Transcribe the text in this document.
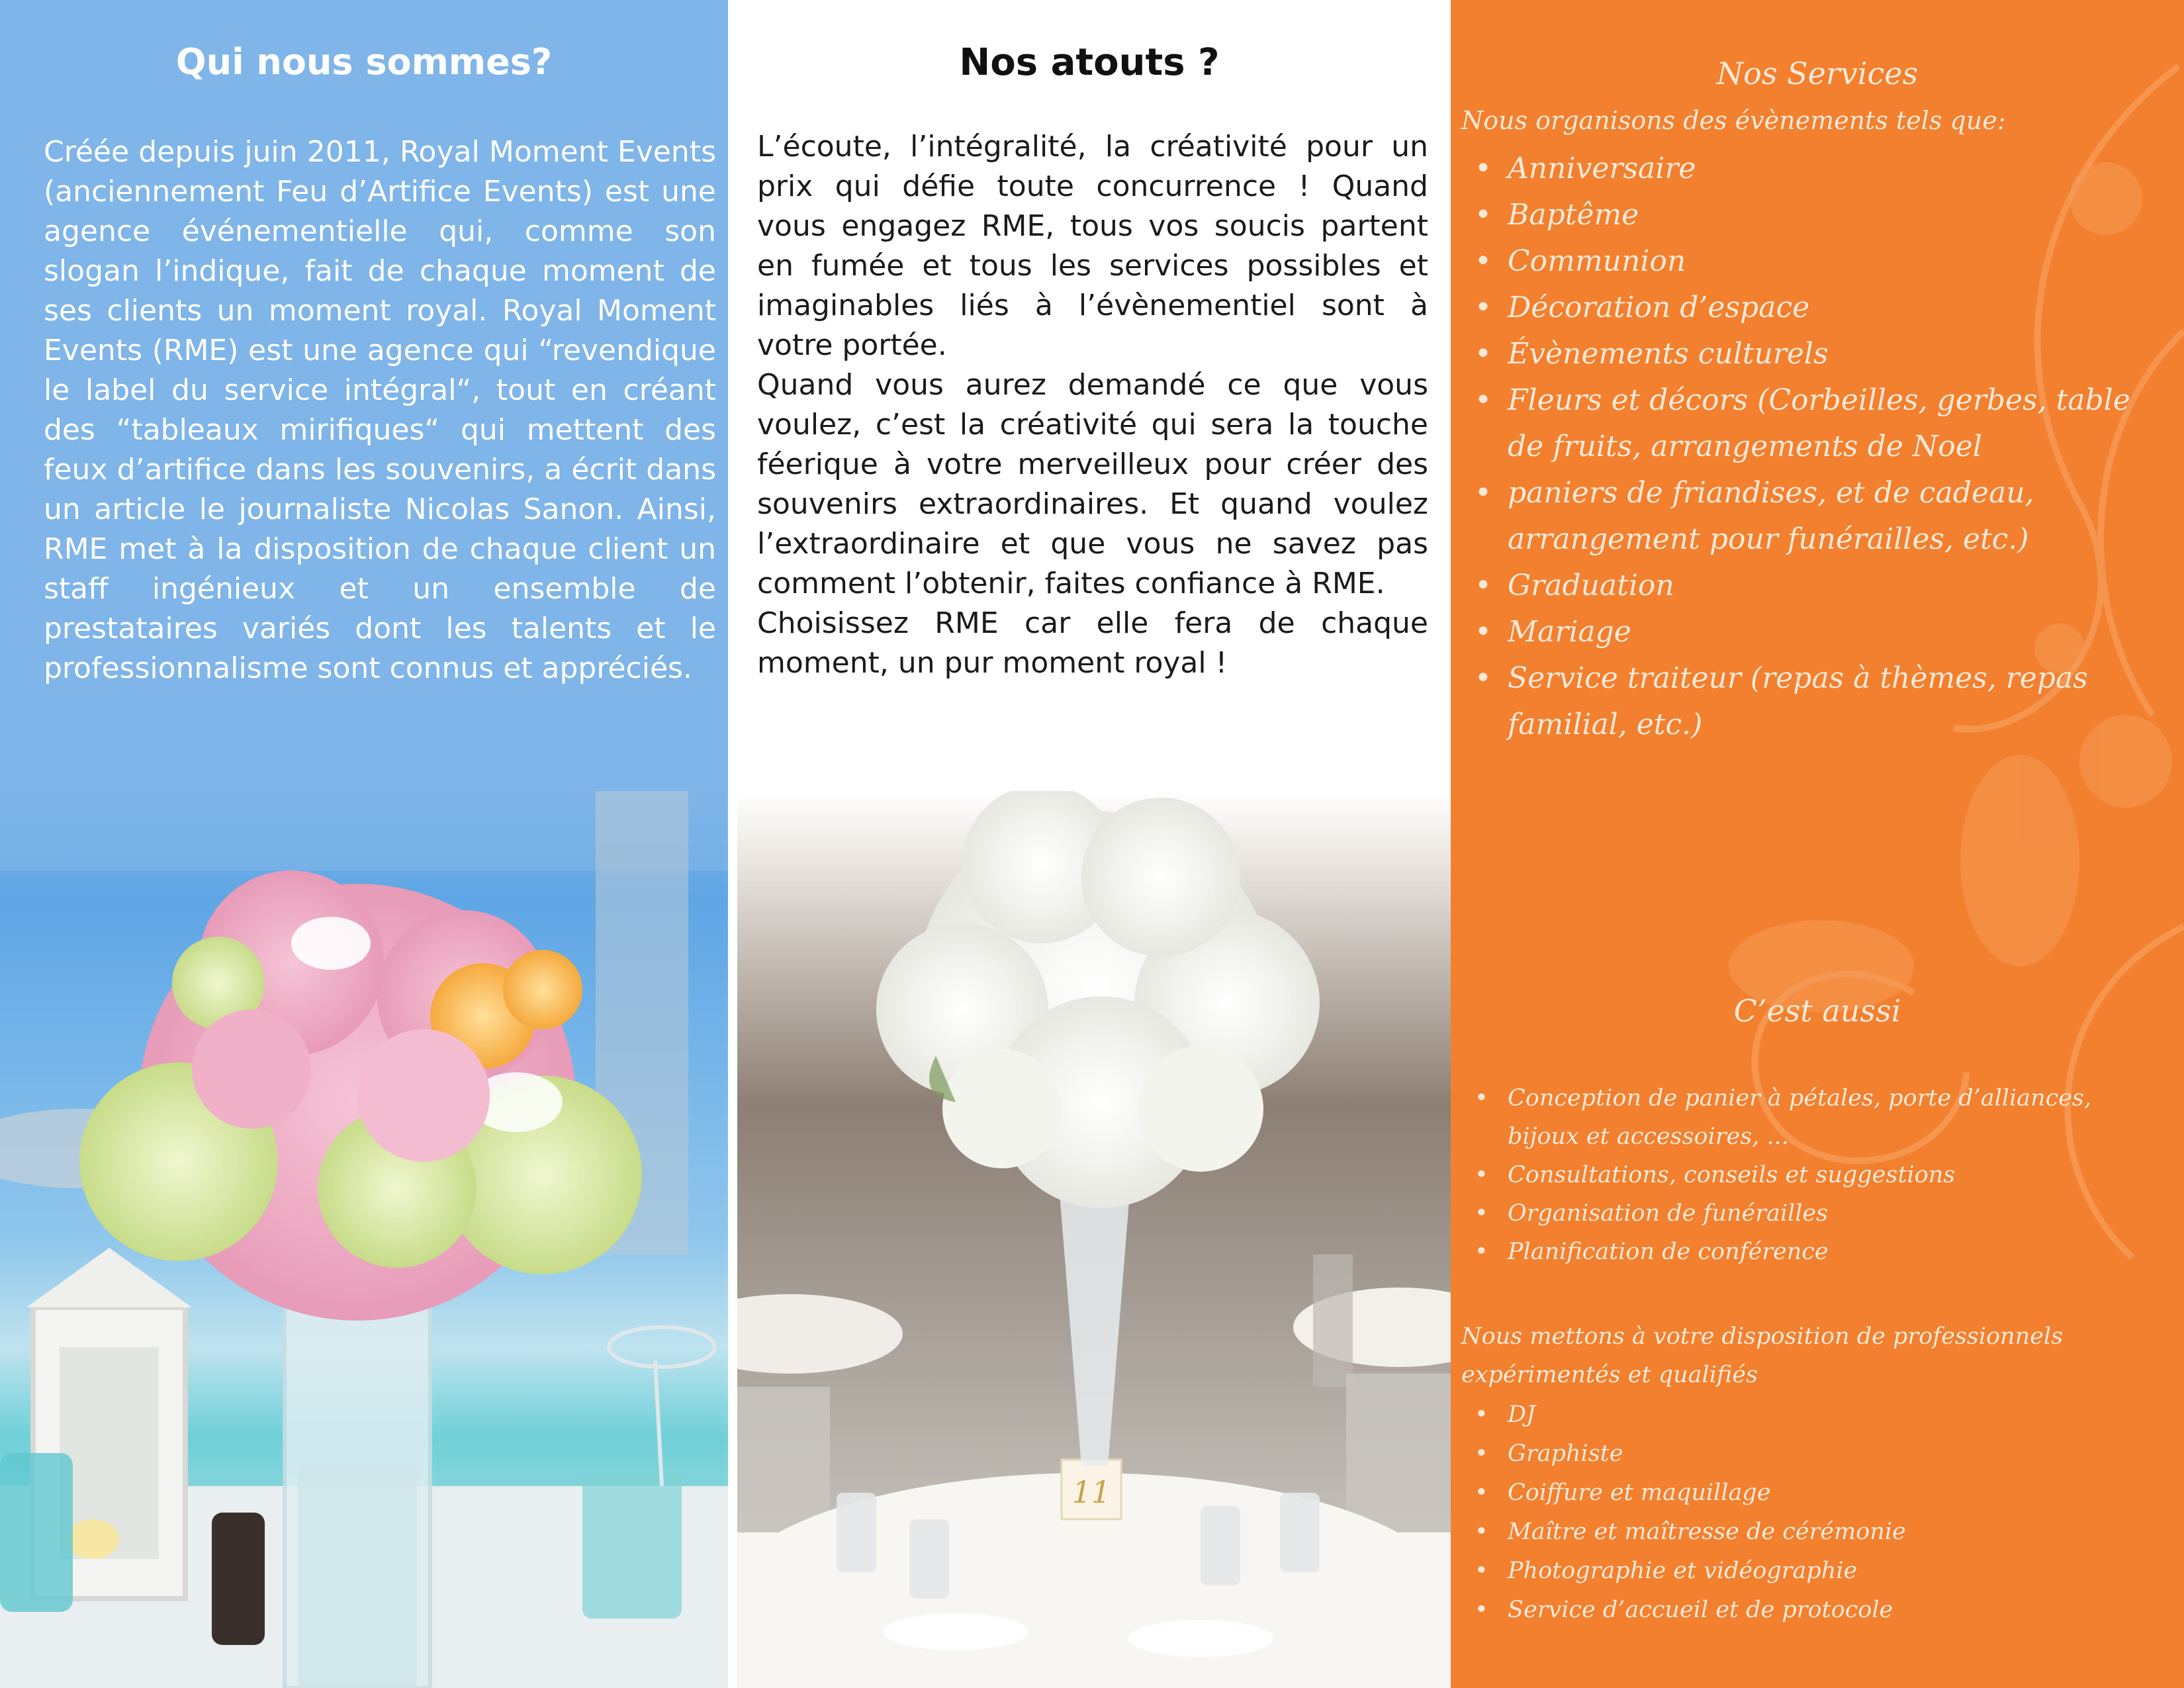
Qui nous sommes?
Créée depuis juin 2011, Royal Moment Events (anciennement Feu d’Artifice Events) est une agence événementielle qui, comme son slogan l’indique, fait de chaque moment de ses clients un moment royal. Royal Moment Events (RME) est une agence qui “revendique le label du service intégral“, tout en créant des “tableaux mirifiques“ qui mettent des feux d’artifice dans les souvenirs, a écrit dans un article le journaliste Nicolas Sanon. Ainsi, RME met à la disposition de chaque client un staff ingénieux et un ensemble de prestataires variés dont les talents et le professionnalisme sont connus et appréciés.
Nos atouts ?

L’écoute, l’intégralité, la créativité pour un prix qui défie toute concurrence ! Quand vous engagez RME, tous vos soucis partent en fumée et tous les services possibles et imaginables liés à l’évènementiel sont à votre portée.

Quand vous aurez demandé ce que vous voulez, c’est la créativité qui sera la touche féerique à votre merveilleux pour créer des souvenirs extraordinaires. Et quand voulez l’extraordinaire et que vous ne savez pas comment l’obtenir, faites confiance à RME.

Choisissez RME car elle fera de chaque moment, un pur moment royal !

11
Nos Services
Nous organisons des évènements tels que:
• Anniversaire
• Baptême
• Communion
• Décoration d’espace
• Évènements culturels
• Fleurs et décors (Corbeilles, gerbes, table de fruits, arrangements de Noel
• paniers de friandises, et de cadeau, arrangement pour funérailles, etc.)
• Graduation
• Mariage
• Service traiteur (repas à thèmes, repas familial, etc.)
C’est aussi
• Conception de panier à pétales, porte d’alliances, bijoux et accessoires, ...
• Consultations, conseils et suggestions
• Organisation de funérailles
• Planification de conférence
Nous mettons à votre disposition de professionnels expérimentés et qualifiés
• DJ
• Graphiste
• Coiffure et maquillage
• Maître et maîtresse de cérémonie
• Photographie et vidéographie
• Service d’accueil et de protocole
